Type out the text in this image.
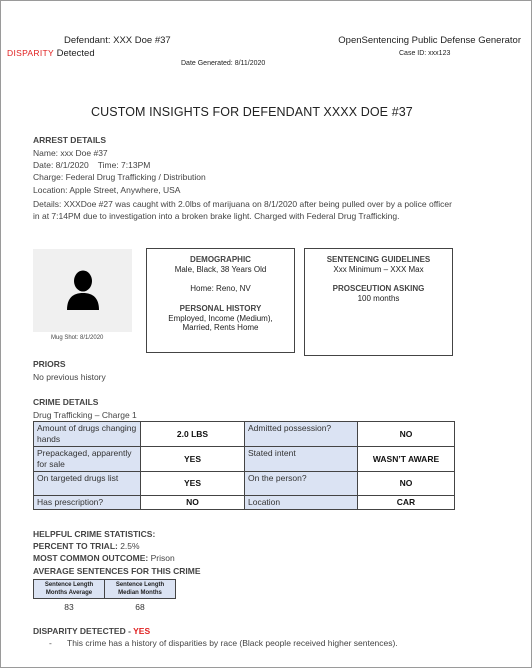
Defendant: XXX Doe #37
DISPARITY Detected
OpenSentencing Public Defense Generator
Case ID: xxx123
Date Generated: 8/11/2020
CUSTOM INSIGHTS FOR DEFENDANT XXXX DOE #37
ARREST DETAILS
Name: xxx Doe #37
Date: 8/1/2020 Time: 7:13PM
Charge: Federal Drug Trafficking / Distribution
Location: Apple Street, Anywhere, USA
Details: XXXDoe #27 was caught with 2.0lbs of marijuana on 8/1/2020 after being pulled over by a police officer in at 7:14PM due to investigation into a broken brake light. Charged with Federal Drug Trafficking.
Mug Shot: 8/1/2020
DEMOGRAPHIC
Male, Black, 38 Years Old
Home: Reno, NV
PERSONAL HISTORY
Employed, Income (Medium),
Married, Rents Home
SENTENCING GUIDELINES
Xxx Minimum – XXX Max
PROSCEUTION ASKING
100 months
PRIORS
No previous history
CRIME DETAILS
Drug Trafficking – Charge 1
Amount of drugs changing hands	2.0 LBS	Admitted possession?	NO
Prepackaged, apparently for sale	YES	Stated intent	WASN’T AWARE
On targeted drugs list	YES	On the person?	NO
Has prescription?	NO	Location	CAR
HELPFUL CRIME STATISTICS:
PERCENT TO TRIAL: 2.5%
MOST COMMON OUTCOME: Prison
AVERAGE SENTENCES FOR THIS CRIME
Sentence Length
Months Average	Sentence Length
Median Months
83	68
DISPARITY DETECTED - YES
- This crime has a history of disparities by race (Black people received higher sentences).
